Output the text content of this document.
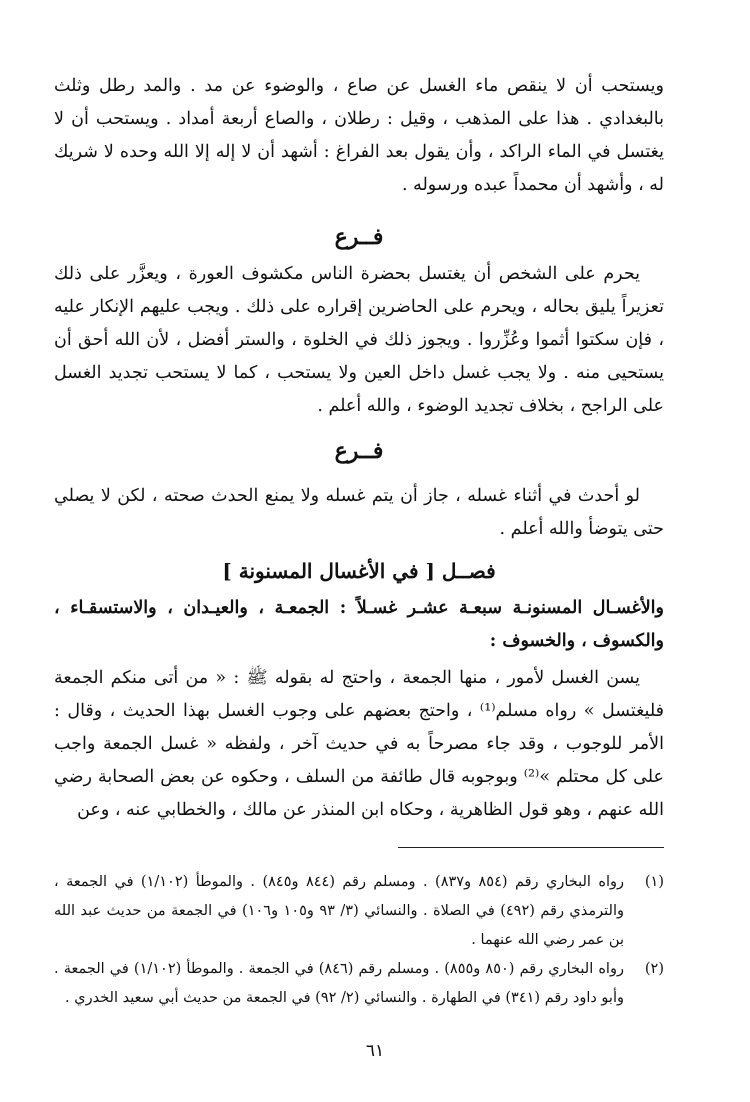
ويستحب أن لا ينقص ماء الغسل عن صاع ، والوضوء عن مد . والمد رطل وثلث بالبغدادي . هذا على المذهب ، وقيل : رطلان ، والصاع أربعة أمداد . ويستحب أن لا يغتسل في الماء الراكد ، وأن يقول بعد الفراغ : أشهد أن لا إله إلا الله وحده لا شريك له ، وأشهد أن محمداً عبده ورسوله .

فــرع

يحرم على الشخص أن يغتسل بحضرة الناس مكشوف العورة ، ويعزَّر على ذلك تعزيراً يليق بحاله ، ويحرم على الحاضرين إقراره على ذلك . ويجب عليهم الإنكار عليه ، فإن سكتوا أثموا وعُزِّروا . ويجوز ذلك في الخلوة ، والستر أفضل ، لأن الله أحق أن يستحيى منه . ولا يجب غسل داخل العين ولا يستحب ، كما لا يستحب تجديد الغسل على الراجح ، بخلاف تجديد الوضوء ، والله أعلم .

فــرع

لو أحدث في أثناء غسله ، جاز أن يتم غسله ولا يمنع الحدث صحته ، لكن لا يصلي حتى يتوضأ والله أعلم .

فصــل [ في الأغسال المسنونة ]

والأغسـال المسنونـة سبعـة عشـر غسـلاً : الجمعـة ، والعيـدان ، والاستسقـاء ، والكسوف ، والخسوف :

يسن الغسل لأمور ، منها الجمعة ، واحتج له بقوله ﷺ : « من أتى منكم الجمعة فليغتسل » رواه مسلم⁽¹⁾ ، واحتج بعضهم على وجوب الغسل بهذا الحديث ، وقال : الأمر للوجوب ، وقد جاء مصرحاً به في حديث آخر ، ولفظه « غسل الجمعة واجب على كل محتلم »⁽²⁾ وبوجوبه قال طائفة من السلف ، وحكوه عن بعض الصحابة رضي الله عنهم ، وهو قول الظاهرية ، وحكاه ابن المنذر عن مالك ، والخطابي عنه ، وعن

(١)
رواه البخاري رقم (٨٥٤ و٨٣٧) . ومسلم رقم (٨٤٤ و٨٤٥) . والموطأ (١/١٠٢) في الجمعة ، والترمذي رقم (٤٩٢) في الصلاة . والنسائي (٣/ ٩٣ و١٠٥ و١٠٦) في الجمعة من حديث عبد الله بن عمر رضي الله عنهما .
(٢)
رواه البخاري رقم (٨٥٠ و٨٥٥) . ومسلم رقم (٨٤٦) في الجمعة . والموطأ (١/١٠٢) في الجمعة . وأبو داود رقم (٣٤١) في الطهارة . والنسائي (٢/ ٩٢) في الجمعة من حديث أبي سعيد الخدري .
٦١
